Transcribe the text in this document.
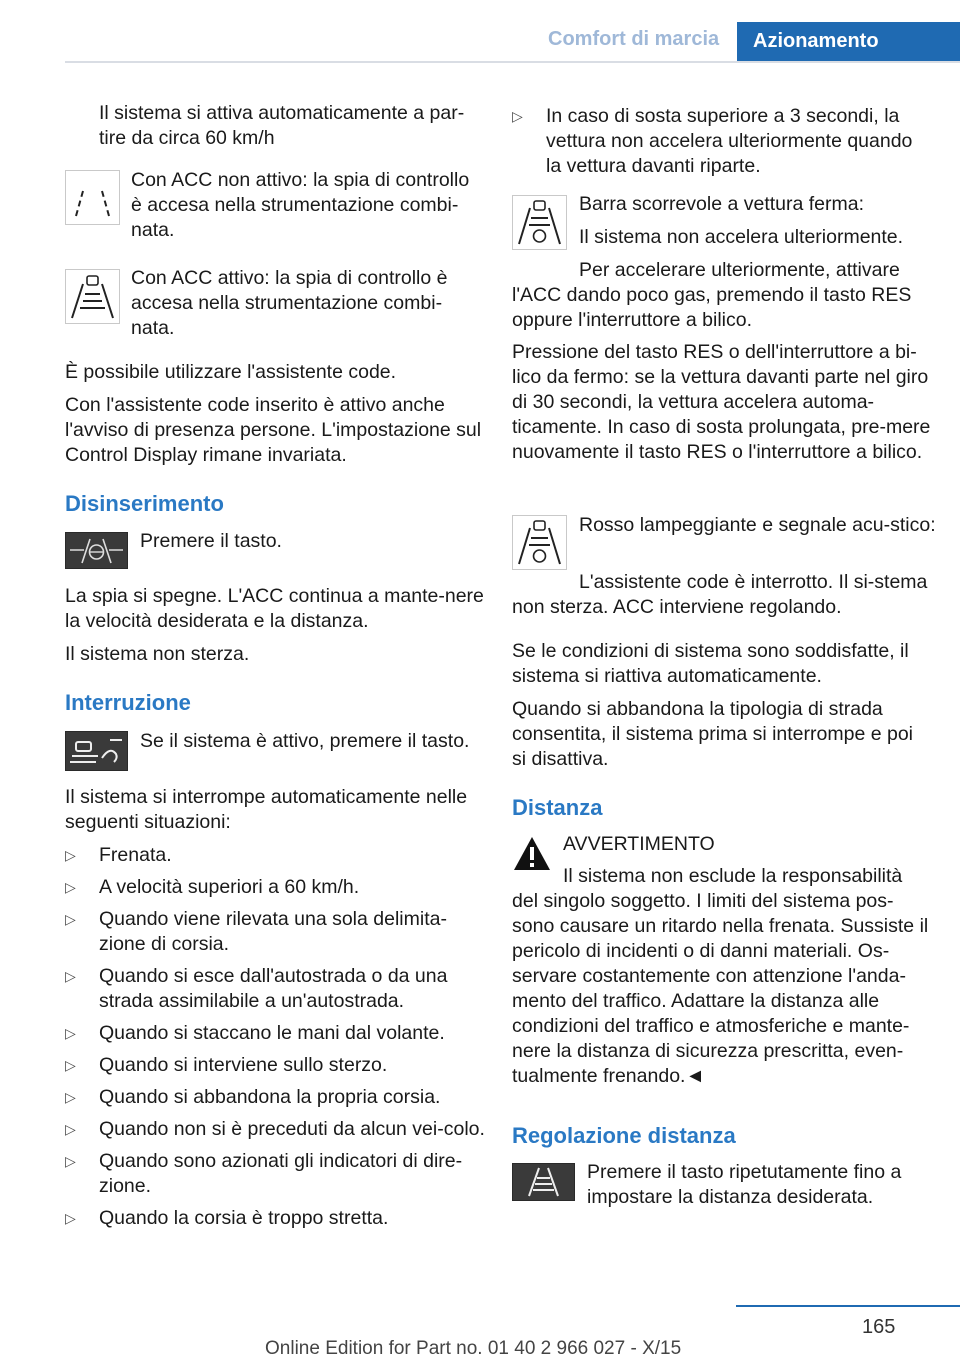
Comfort di marcia Azionamento

Il sistema si attiva automaticamente a par-tire da circa 60 km/h

Con ACC non attivo: la spia di controllo è accesa nella strumentazione combi-nata.

Con ACC attivo: la spia di controllo è accesa nella strumentazione combi-nata.

È possibile utilizzare l'assistente code.

Con l'assistente code inserito è attivo anche l'avviso di presenza persone. L'impostazione sul Control Display rimane invariata.

Disinserimento

Premere il tasto.

La spia si spegne. L'ACC continua a mante-nere la velocità desiderata e la distanza.

Il sistema non sterza.

Interruzione

Se il sistema è attivo, premere il tasto.

Il sistema si interrompe automaticamente nelle seguenti situazioni:

▷ Frenata.
▷ A velocità superiori a 60 km/h.
▷ Quando viene rilevata una sola delimita-zione di corsia.
▷ Quando si esce dall'autostrada o da una strada assimilabile a un'autostrada.
▷ Quando si staccano le mani dal volante.
▷ Quando si interviene sullo sterzo.
▷ Quando si abbandona la propria corsia.
▷ Quando non si è preceduti da alcun vei-colo.
▷ Quando sono azionati gli indicatori di dire-zione.
▷ Quando la corsia è troppo stretta.
▷ In caso di sosta superiore a 3 secondi, la vettura non accelera ulteriormente quando la vettura davanti riparte.

Barra scorrevole a vettura ferma:

Il sistema non accelera ulteriormente.

Per accelerare ulteriormente, attivare l'ACC dando poco gas, premendo il tasto RES oppure l'interruttore a bilico.

Pressione del tasto RES o dell'interruttore a bi-lico da fermo: se la vettura davanti parte nel giro di 30 secondi, la vettura accelera automa-ticamente. In caso di sosta prolungata, pre-mere nuovamente il tasto RES o l'interruttore a bilico.

Rosso lampeggiante e segnale acu-stico:

L'assistente code è interrotto. Il si-stema non sterza. ACC interviene regolando.

Se le condizioni di sistema sono soddisfatte, il sistema si riattiva automaticamente.

Quando si abbandona la tipologia di strada consentita, il sistema prima si interrompe e poi si disattiva.

Distanza

AVVERTIMENTO

Il sistema non esclude la responsabilità

del singolo soggetto. I limiti del sistema pos-sono causare un ritardo nella frenata. Sussiste il pericolo di incidenti o di danni materiali. Os-servare costantemente con attenzione l'anda-mento del traffico. Adattare la distanza alle condizioni del traffico e atmosferiche e mante-nere la distanza di sicurezza prescritta, even-tualmente frenando.◄

Regolazione distanza

Premere il tasto ripetutamente fino a impostare la distanza desiderata.

165
Online Edition for Part no. 01 40 2 966 027 - X/15
